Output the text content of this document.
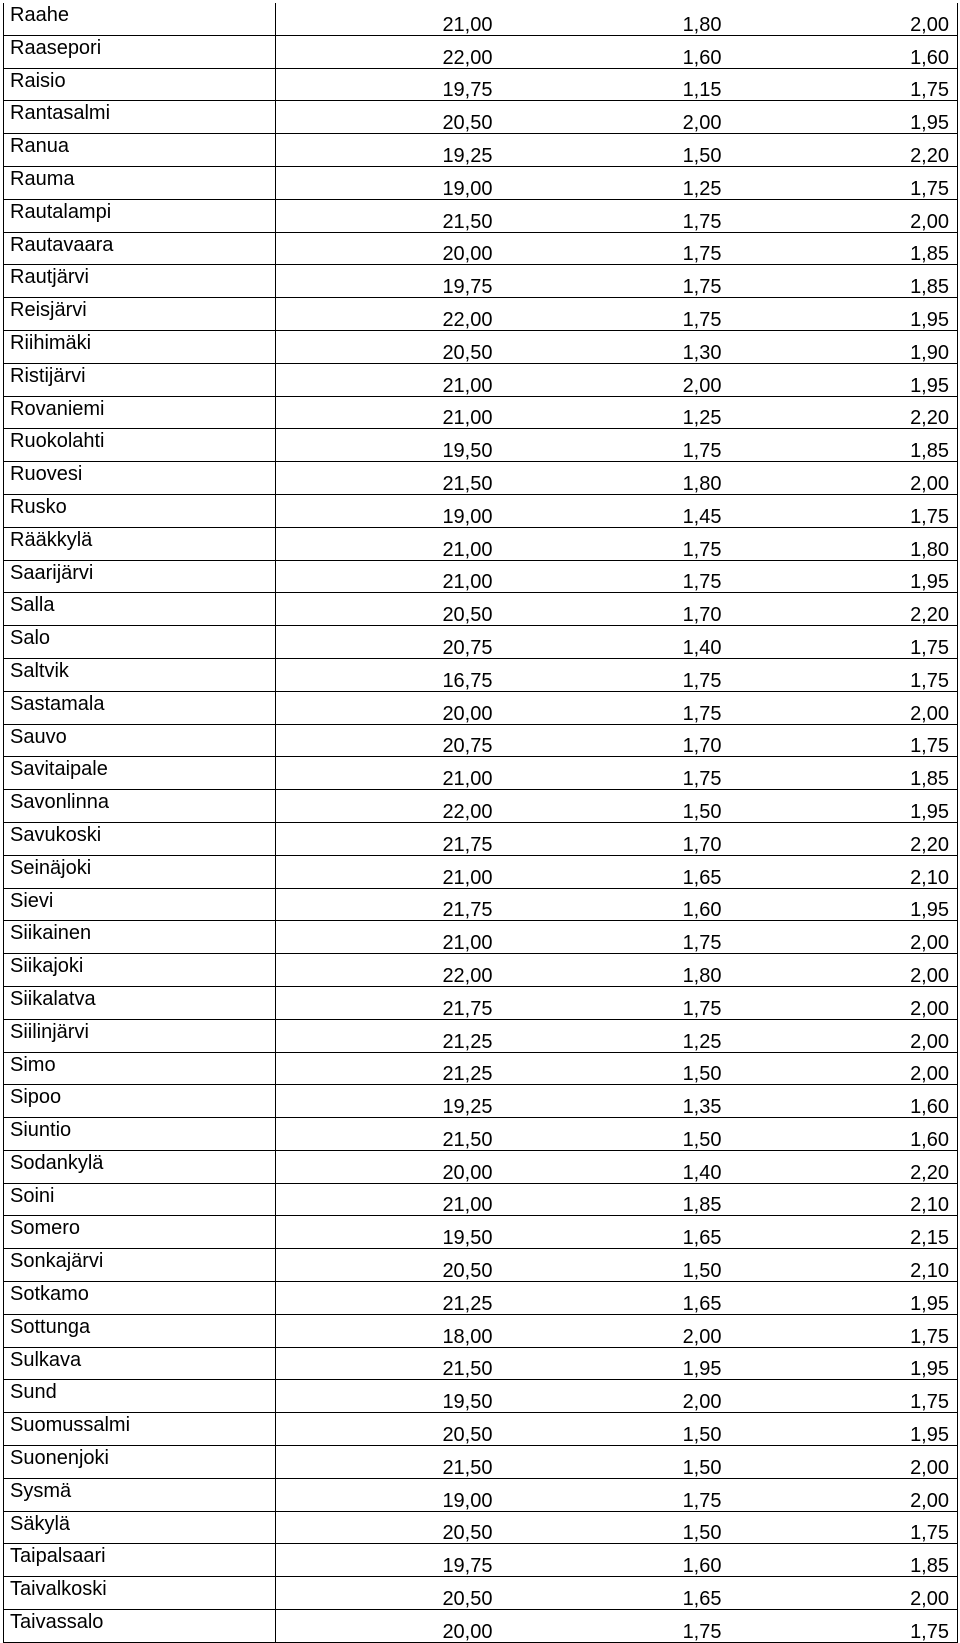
Raahe	21,00	1,80	2,00
Raasepori	22,00	1,60	1,60
Raisio	19,75	1,15	1,75
Rantasalmi	20,50	2,00	1,95
Ranua	19,25	1,50	2,20
Rauma	19,00	1,25	1,75
Rautalampi	21,50	1,75	2,00
Rautavaara	20,00	1,75	1,85
Rautjärvi	19,75	1,75	1,85
Reisjärvi	22,00	1,75	1,95
Riihimäki	20,50	1,30	1,90
Ristijärvi	21,00	2,00	1,95
Rovaniemi	21,00	1,25	2,20
Ruokolahti	19,50	1,75	1,85
Ruovesi	21,50	1,80	2,00
Rusko	19,00	1,45	1,75
Rääkkylä	21,00	1,75	1,80
Saarijärvi	21,00	1,75	1,95
Salla	20,50	1,70	2,20
Salo	20,75	1,40	1,75
Saltvik	16,75	1,75	1,75
Sastamala	20,00	1,75	2,00
Sauvo	20,75	1,70	1,75
Savitaipale	21,00	1,75	1,85
Savonlinna	22,00	1,50	1,95
Savukoski	21,75	1,70	2,20
Seinäjoki	21,00	1,65	2,10
Sievi	21,75	1,60	1,95
Siikainen	21,00	1,75	2,00
Siikajoki	22,00	1,80	2,00
Siikalatva	21,75	1,75	2,00
Siilinjärvi	21,25	1,25	2,00
Simo	21,25	1,50	2,00
Sipoo	19,25	1,35	1,60
Siuntio	21,50	1,50	1,60
Sodankylä	20,00	1,40	2,20
Soini	21,00	1,85	2,10
Somero	19,50	1,65	2,15
Sonkajärvi	20,50	1,50	2,10
Sotkamo	21,25	1,65	1,95
Sottunga	18,00	2,00	1,75
Sulkava	21,50	1,95	1,95
Sund	19,50	2,00	1,75
Suomussalmi	20,50	1,50	1,95
Suonenjoki	21,50	1,50	2,00
Sysmä	19,00	1,75	2,00
Säkylä	20,50	1,50	1,75
Taipalsaari	19,75	1,60	1,85
Taivalkoski	20,50	1,65	2,00
Taivassalo	20,00	1,75	1,75
